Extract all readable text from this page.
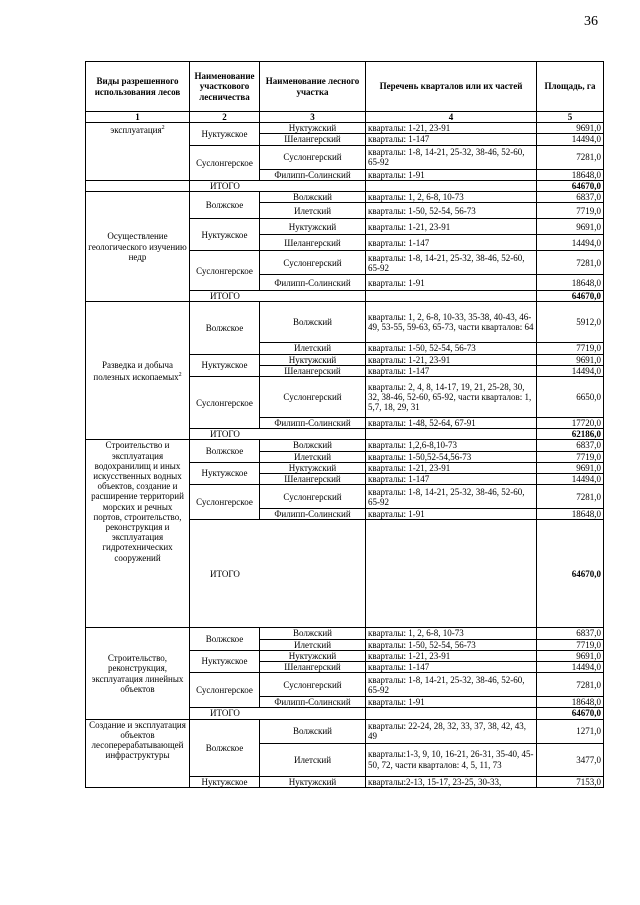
36
Виды разрешенного использования лесов	Наименование участкового лесничества	Наименование лесного участка	Перечень кварталов или их частей	Площадь, га
1	2	3	4	5
эксплуатация$^2$	Нуктужское	Нуктужский	кварталы: 1-21, 23-91	9691,0
		Шелангерский	кварталы: 1-147	14494,0
	Суслонгерское	Суслонгерский	кварталы: 1-8, 14-21, 25-32, 38-46, 52-60, 65-92	7281,0
		Филипп-Солинский	кварталы: 1-91	18648,0
	ИТОГО			64670,0
Осуществление геологического изучению недр	Волжское	Волжский	кварталы: 1, 2, 6-8, 10-73	6837,0
		Илетский	кварталы: 1-50, 52-54, 56-73	7719,0
	Нуктужское	Нуктужский	кварталы: 1-21, 23-91	9691,0
		Шелангерский	кварталы: 1-147	14494,0
	Суслонгерское	Суслонгерский	кварталы: 1-8, 14-21, 25-32, 38-46, 52-60, 65-92	7281,0
		Филипп-Солинский	кварталы: 1-91	18648,0
	ИТОГО			64670,0
Разведка и добыча полезных ископаемых$^2$	Волжское	Волжский	кварталы: 1, 2, 6-8, 10-33, 35-38, 40-43, 46-49, 53-55, 59-63, 65-73, части кварталов: 64	5912,0
		Илетский	кварталы: 1-50, 52-54, 56-73	7719,0
	Нуктужское	Нуктужский	кварталы: 1-21, 23-91	9691,0
		Шелангерский	кварталы: 1-147	14494,0
	Суслонгерское	Суслонгерский	кварталы: 2, 4, 8, 14-17, 19, 21, 25-28, 30, 32, 38-46, 52-60, 65-92, части кварталов: 1, 5,7, 18, 29, 31	6650,0
		Филипп-Солинский	кварталы: 1-48, 52-64, 67-91	17720,0
	ИТОГО			62186,0
Строительство и эксплуатация водохранилищ и иных искусственных водных объектов, создание и расширение территорий морских и речных портов, строительство, реконструкция и эксплуатация гидротехнических сооружений	Волжское	Волжский	кварталы: 1,2,6-8,10-73	6837,0
		Илетский	кварталы: 1-50,52-54,56-73	7719,0
	Нуктужское	Нуктужский	кварталы: 1-21, 23-91	9691,0
		Шелангерский	кварталы: 1-147	14494,0
	Суслонгерское	Суслонгерский	кварталы: 1-8, 14-21, 25-32, 38-46, 52-60, 65-92	7281,0
		Филипп-Солинский	кварталы: 1-91	18648,0
	ИТОГО			64670,0
Строительство, реконструкция, эксплуатация линейных объектов	Волжское	Волжский	кварталы: 1, 2, 6-8, 10-73	6837,0
		Илетский	кварталы: 1-50, 52-54, 56-73	7719,0
	Нуктужское	Нуктужский	кварталы: 1-21, 23-91	9691,0
		Шелангерский	кварталы: 1-147	14494,0
	Суслонгерское	Суслонгерский	кварталы: 1-8, 14-21, 25-32, 38-46, 52-60, 65-92	7281,0
		Филипп-Солинский	кварталы: 1-91	18648,0
	ИТОГО			64670,0
Создание и эксплуатация объектов лесоперерабатывающей инфраструктуры	Волжское	Волжский	кварталы: 22-24, 28, 32, 33, 37, 38, 42, 43, 49	1271,0
		Илетский	кварталы:1-3, 9, 10, 16-21, 26-31, 35-40, 45-50, 72, части кварталов: 4, 5, 11, 73	3477,0
	Нуктужское	Нуктужский	кварталы:2-13, 15-17, 23-25, 30-33,	7153,0
